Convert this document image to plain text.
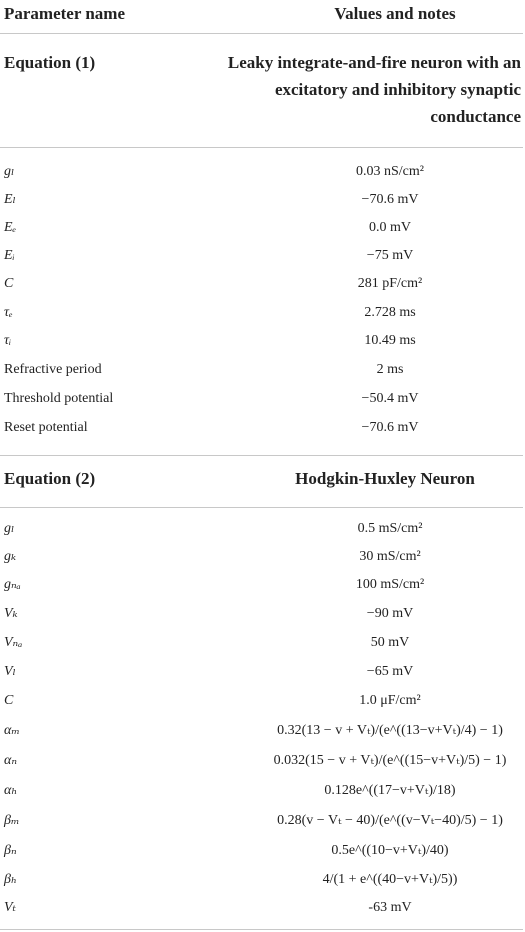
Parameter name	Values and notes
Equation (1)	Leaky integrate-and-fire neuron with an excitatory and inhibitory synaptic conductance
gₗ	0.03 nS/cm²
Eₗ	−70.6 mV
Eₑ	0.0 mV
Eᵢ	−75 mV
C	281 pF/cm²
τₑ	2.728 ms
τᵢ	10.49 ms
Refractive period	2 ms
Threshold potential	−50.4 mV
Reset potential	−70.6 mV
Equation (2)	Hodgkin-Huxley Neuron
gₗ	0.5 mS/cm²
gₖ	30 mS/cm²
gₙₐ	100 mS/cm²
Vₖ	−90 mV
Vₙₐ	50 mV
Vₗ	−65 mV
C	1.0 μF/cm²
αₘ	0.32(13 − v + Vₜ)/(e^((13−v+Vₜ)/4) − 1)
αₙ	0.032(15 − v + Vₜ)/(e^((15−v+Vₜ)/5) − 1)
αₕ	0.128e^((17−v+Vₜ)/18)
βₘ	0.28(v − Vₜ − 40)/(e^((v−Vₜ−40)/5) − 1)
βₙ	0.5e^((10−v+Vₜ)/40)
βₕ	4/(1 + e^((40−v+Vₜ)/5))
Vₜ	-63 mV
